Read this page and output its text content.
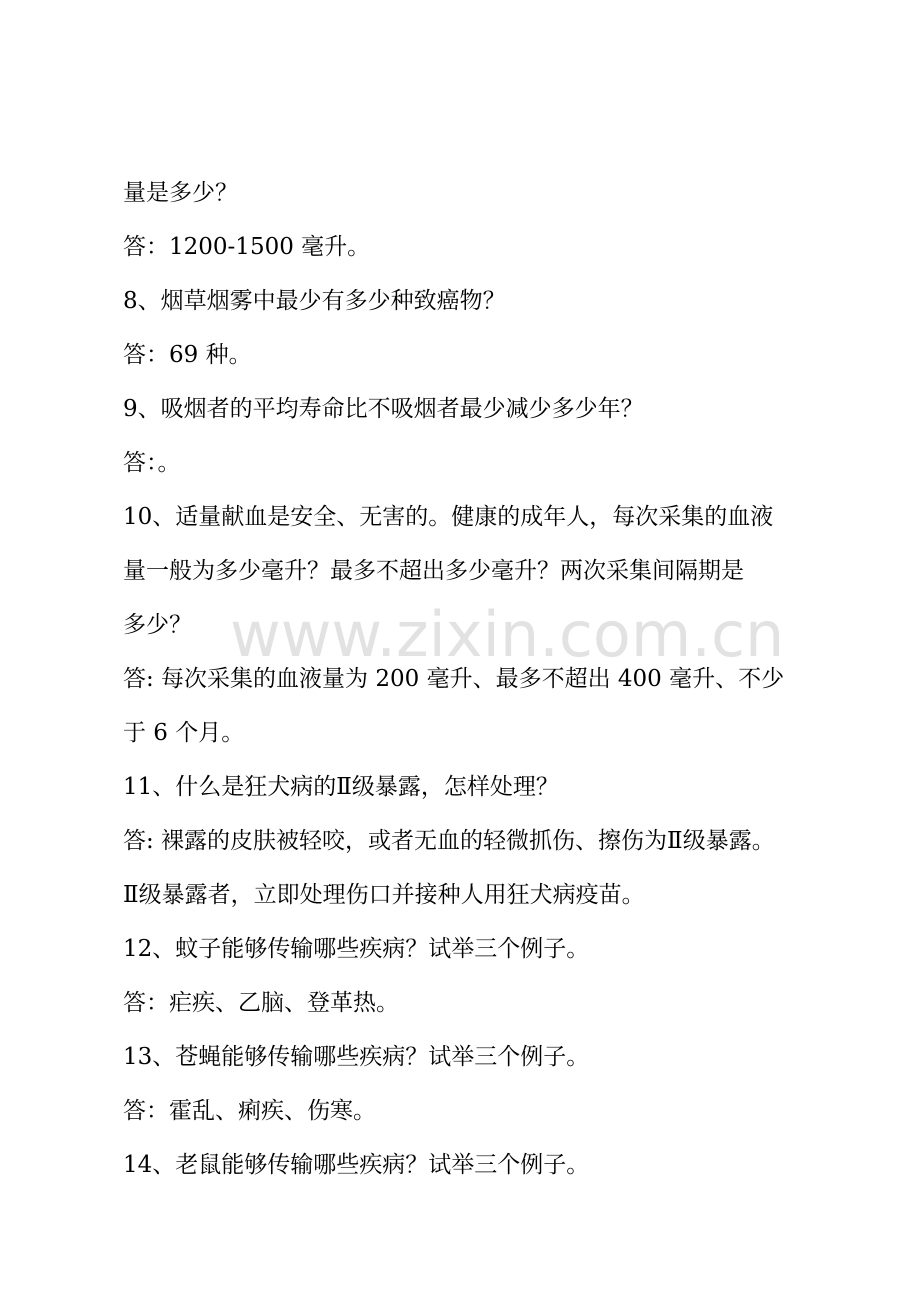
量是多少？
答：1200-1500 毫升。
8、烟草烟雾中最少有多少种致癌物？
答：69 种。
9、吸烟者的平均寿命比不吸烟者最少减少多少年？
答：。
10、适量献血是安全、无害的。健康的成年人，每次采集的血液
量一般为多少毫升？最多不超出多少毫升？两次采集间隔期是
多少？
答: 每次采集的血液量为 200 毫升、最多不超出 400 毫升、不少
于 6 个月。
11、什么是狂犬病的Ⅱ级暴露，怎样处理？
答: 裸露的皮肤被轻咬，或者无血的轻微抓伤、擦伤为Ⅱ级暴露。
Ⅱ级暴露者，立即处理伤口并接种人用狂犬病疫苗。
12、蚊子能够传输哪些疾病？试举三个例子。
答：疟疾、乙脑、登革热。
13、苍蝇能够传输哪些疾病？试举三个例子。
答：霍乱、痢疾、伤寒。
14、老鼠能够传输哪些疾病？试举三个例子。
www.zixin.com.cn
